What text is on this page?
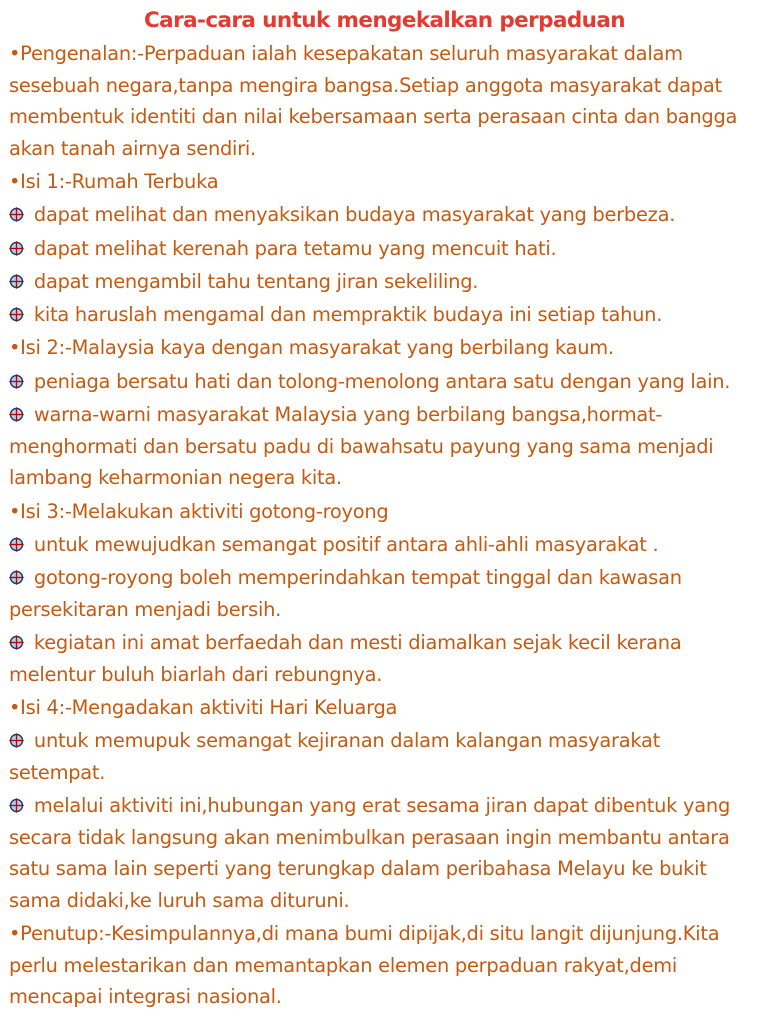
Cara-cara untuk mengekalkan perpaduan
•Pengenalan:-Perpaduan ialah kesepakatan seluruh masyarakat dalam
sesebuah negara,tanpa mengira bangsa.Setiap anggota masyarakat dapat
membentuk identiti dan nilai kebersamaan serta perasaan cinta dan bangga
akan tanah airnya sendiri.
•Isi 1:-Rumah Terbuka
dapat melihat dan menyaksikan budaya masyarakat yang berbeza.
dapat melihat kerenah para tetamu yang mencuit hati.
dapat mengambil tahu tentang jiran sekeliling.
kita haruslah mengamal dan mempraktik budaya ini setiap tahun.
•Isi 2:-Malaysia kaya dengan masyarakat yang berbilang kaum.
peniaga bersatu hati dan tolong-menolong antara satu dengan yang lain.
warna-warni masyarakat Malaysia yang berbilang bangsa,hormat-
menghormati dan bersatu padu di bawahsatu payung yang sama menjadi
lambang keharmonian negera kita.
•Isi 3:-Melakukan aktiviti gotong-royong
untuk mewujudkan semangat positif antara ahli-ahli masyarakat .
gotong-royong boleh memperindahkan tempat tinggal dan kawasan
persekitaran menjadi bersih.
kegiatan ini amat berfaedah dan mesti diamalkan sejak kecil kerana
melentur buluh biarlah dari rebungnya.
•Isi 4:-Mengadakan aktiviti Hari Keluarga
untuk memupuk semangat kejiranan dalam kalangan masyarakat
setempat.
melalui aktiviti ini,hubungan yang erat sesama jiran dapat dibentuk yang
secara tidak langsung akan menimbulkan perasaan ingin membantu antara
satu sama lain seperti yang terungkap dalam peribahasa Melayu ke bukit
sama didaki,ke luruh sama dituruni.
•Penutup:-Kesimpulannya,di mana bumi dipijak,di situ langit dijunjung.Kita
perlu melestarikan dan memantapkan elemen perpaduan rakyat,demi
mencapai integrasi nasional.
